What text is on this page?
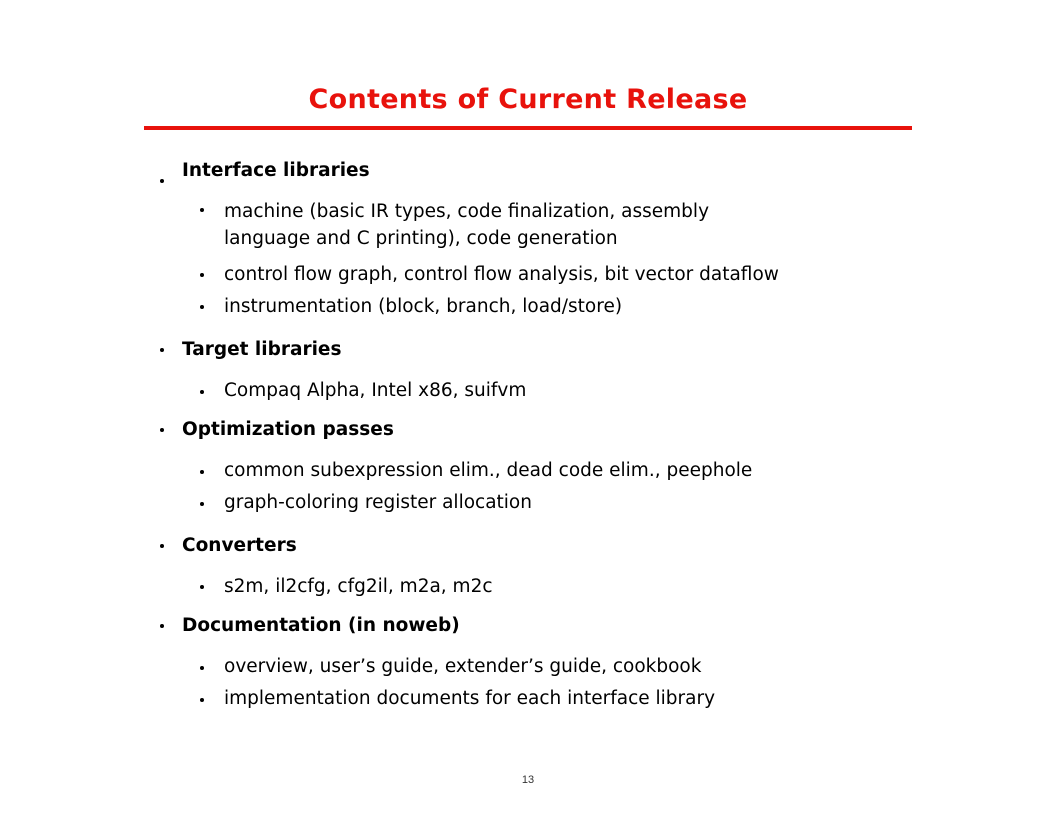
Contents of Current Release
Interface libraries
machine (basic IR types, code finalization, assembly
language and C printing), code generation
control flow graph, control flow analysis, bit vector dataflow
instrumentation (block, branch, load/store)
Target libraries
Compaq Alpha, Intel x86, suifvm
Optimization passes
common subexpression elim., dead code elim., peephole
graph-coloring register allocation
Converters
s2m, il2cfg, cfg2il, m2a, m2c
Documentation (in noweb)
overview, user’s guide, extender’s guide, cookbook
implementation documents for each interface library
13
